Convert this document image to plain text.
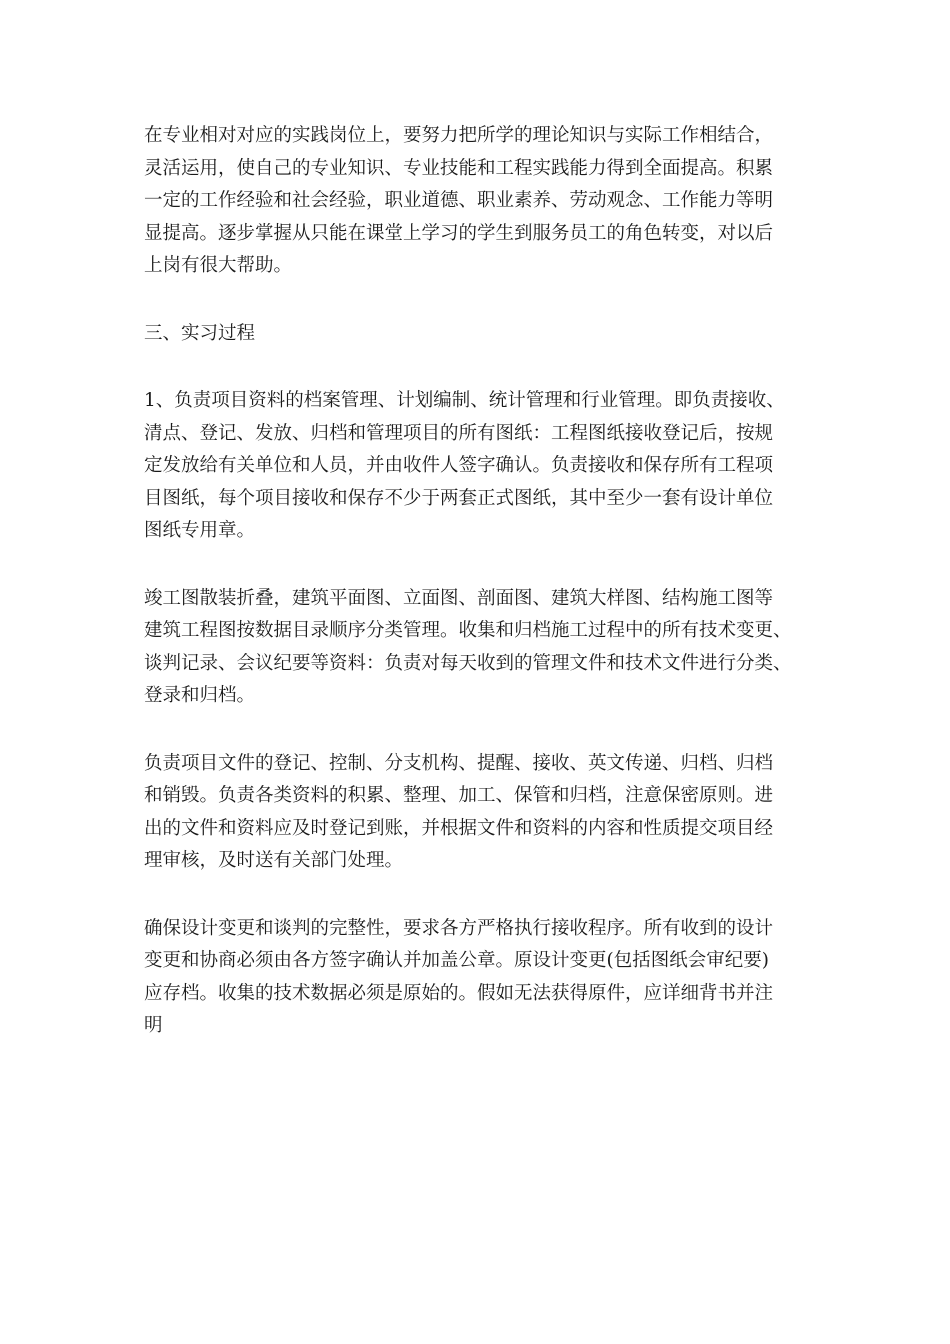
在专业相对对应的实践岗位上，要努力把所学的理论知识与实际工作相结合，
灵活运用，使自己的专业知识、专业技能和工程实践能力得到全面提高。积累
一定的工作经验和社会经验，职业道德、职业素养、劳动观念、工作能力等明
显提高。逐步掌握从只能在课堂上学习的学生到服务员工的角色转变，对以后
上岗有很大帮助。

三、实习过程

1、负责项目资料的档案管理、计划编制、统计管理和行业管理。即负责接收、
清点、登记、发放、归档和管理项目的所有图纸：工程图纸接收登记后，按规
定发放给有关单位和人员，并由收件人签字确认。负责接收和保存所有工程项
目图纸，每个项目接收和保存不少于两套正式图纸，其中至少一套有设计单位
图纸专用章。

竣工图散装折叠，建筑平面图、立面图、剖面图、建筑大样图、结构施工图等
建筑工程图按数据目录顺序分类管理。收集和归档施工过程中的所有技术变更、
谈判记录、会议纪要等资料：负责对每天收到的管理文件和技术文件进行分类、
登录和归档。

负责项目文件的登记、控制、分支机构、提醒、接收、英文传递、归档、归档
和销毁。负责各类资料的积累、整理、加工、保管和归档，注意保密原则。进
出的文件和资料应及时登记到账，并根据文件和资料的内容和性质提交项目经
理审核，及时送有关部门处理。

确保设计变更和谈判的完整性，要求各方严格执行接收程序。所有收到的设计
变更和协商必须由各方签字确认并加盖公章。原设计变更(包括图纸会审纪要)
应存档。收集的技术数据必须是原始的。假如无法获得原件，应详细背书并注
明
